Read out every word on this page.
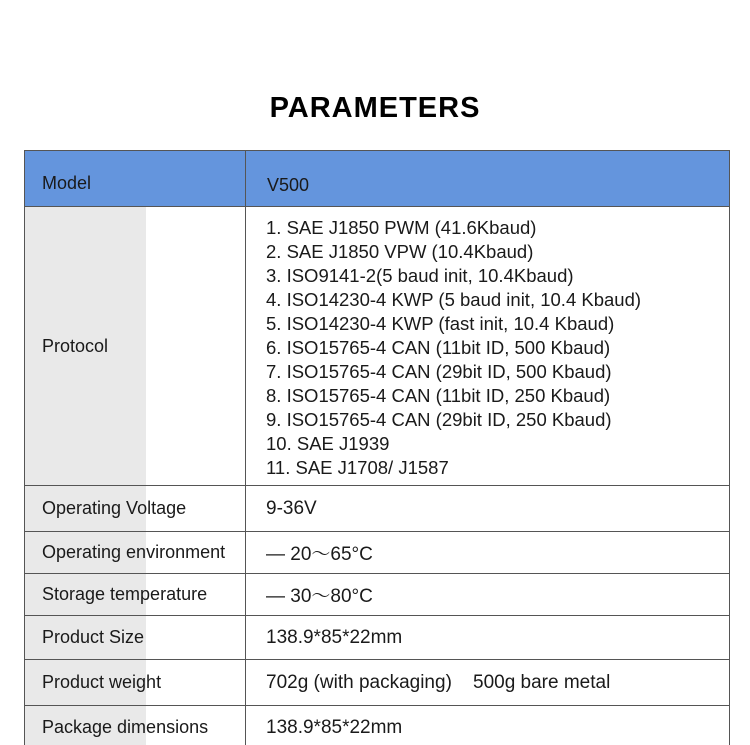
PARAMETERS
Model	V500
Protocol
1. SAE J1850 PWM (41.6Kbaud)
2. SAE J1850 VPW (10.4Kbaud)
3. ISO9141-2(5 baud init, 10.4Kbaud)
4. ISO14230-4 KWP (5 baud init, 10.4 Kbaud)
5. ISO14230-4 KWP (fast init, 10.4 Kbaud)
6. ISO15765-4 CAN (11bit ID, 500 Kbaud)
7. ISO15765-4 CAN (29bit ID, 500 Kbaud)
8. ISO15765-4 CAN (11bit ID, 250 Kbaud)
9. ISO15765-4 CAN (29bit ID, 250 Kbaud)
10. SAE J1939
11. SAE J1708/ J1587
Operating Voltage	9-36V
Operating environment	— 20～65°C
Storage temperature	— 30～80°C
Product Size	138.9*85*22mm
Product weight	702g (with packaging)    500g bare metal
Package dimensions	138.9*85*22mm
